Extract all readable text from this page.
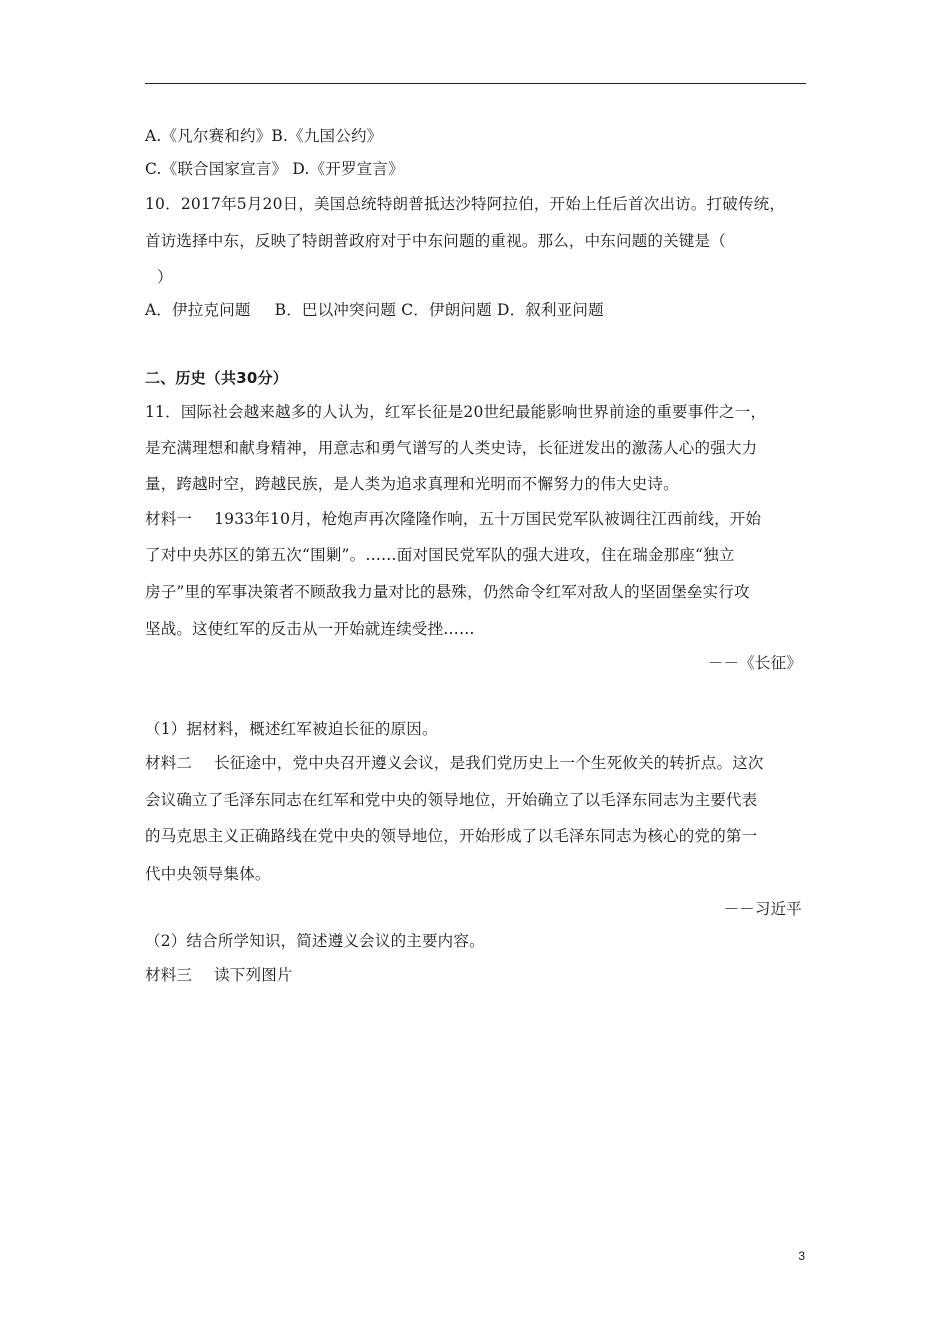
A.《凡尔赛和约》B.《九国公约》
C.《联合国家宣言》 D.《开罗宣言》
10．2017年5月20日，美国总统特朗普抵达沙特阿拉伯，开始上任后首次出访。打破传统，
首访选择中东，反映了特朗普政府对于中东问题的重视。那么，中东问题的关键是（
）
A．伊拉克问题 B．巴以冲突问题 C．伊朗问题 D．叙利亚问题
二、历史（共30分）
11．国际社会越来越多的人认为，红军长征是20世纪最能影响世界前途的重要事件之一，
是充满理想和献身精神，用意志和勇气谱写的人类史诗，长征迸发出的激荡人心的强大力
量，跨越时空，跨越民族，是人类为追求真理和光明而不懈努力的伟大史诗。
材料一 1933年10月，枪炮声再次隆隆作响，五十万国民党军队被调往江西前线，开始
了对中央苏区的第五次“围剿”。……面对国民党军队的强大进攻，住在瑞金那座“独立
房子”里的军事决策者不顾敌我力量对比的悬殊，仍然命令红军对敌人的坚固堡垒实行攻
坚战。这使红军的反击从一开始就连续受挫……
－－《长征》
（1）据材料，概述红军被迫长征的原因。
材料二 长征途中，党中央召开遵义会议，是我们党历史上一个生死攸关的转折点。这次
会议确立了毛泽东同志在红军和党中央的领导地位，开始确立了以毛泽东同志为主要代表
的马克思主义正确路线在党中央的领导地位，开始形成了以毛泽东同志为核心的党的第一
代中央领导集体。
－－习近平
（2）结合所学知识，简述遵义会议的主要内容。
材料三 读下列图片
3
